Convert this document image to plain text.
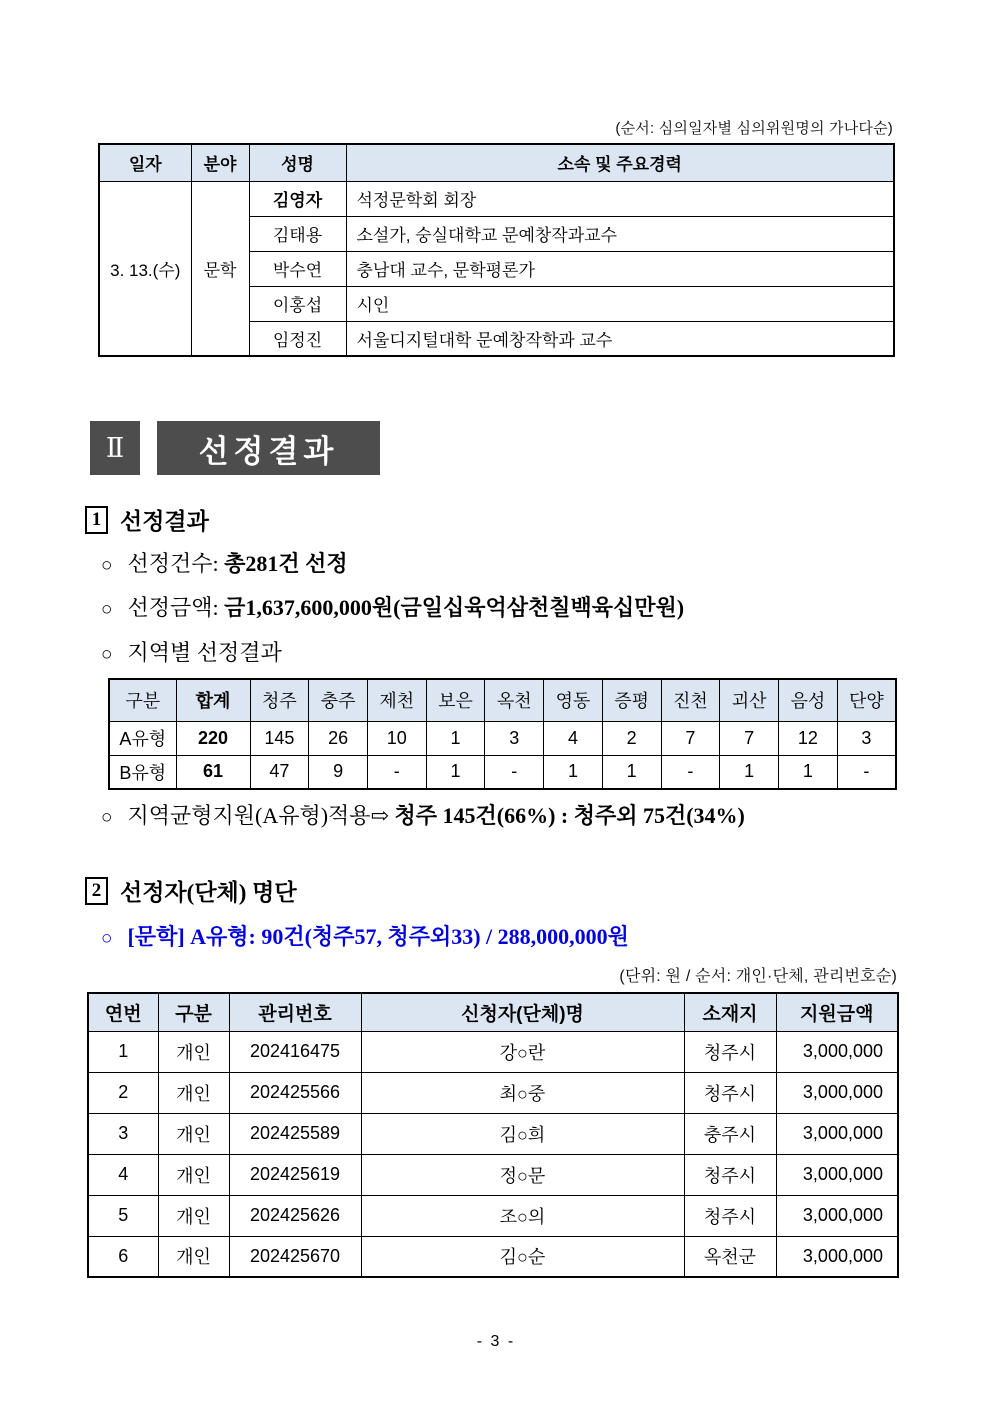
(순서: 심의일자별 심의위원명의 가나다순)
일자	분야	성명	소속 및 주요경력
3. 13.(수)	문학	김영자	석정문학회 회장
		김태용	소설가, 숭실대학교 문예창작과교수
		박수연	충남대 교수, 문학평론가
		이홍섭	시인
		임정진	서울디지털대학 문예창작학과 교수
Ⅱ	선정결과
1 선정결과
○ 선정건수: 총281건 선정
○ 선정금액: 금1,637,600,000원(금일십육억삼천칠백육십만원)
○ 지역별 선정결과
구분	합계	청주	충주	제천	보은	옥천	영동	증평	진천	괴산	음성	단양
A유형	220	145	26	10	1	3	4	2	7	7	12	3
B유형	61	47	9	-	1	-	1	1	-	1	1	-
○ 지역균형지원(A유형)적용⇨ 청주 145건(66%) : 청주외 75건(34%)
2 선정자(단체) 명단
○ [문학] A유형: 90건(청주57, 청주외33) / 288,000,000원
(단위: 원 / 순서: 개인·단체, 관리번호순)
연번	구분	관리번호	신청자(단체)명	소재지	지원금액
1	개인	202416475	강○란	청주시	3,000,000
2	개인	202425566	최○중	청주시	3,000,000
3	개인	202425589	김○희	충주시	3,000,000
4	개인	202425619	정○문	청주시	3,000,000
5	개인	202425626	조○의	청주시	3,000,000
6	개인	202425670	김○순	옥천군	3,000,000
- 3 -
